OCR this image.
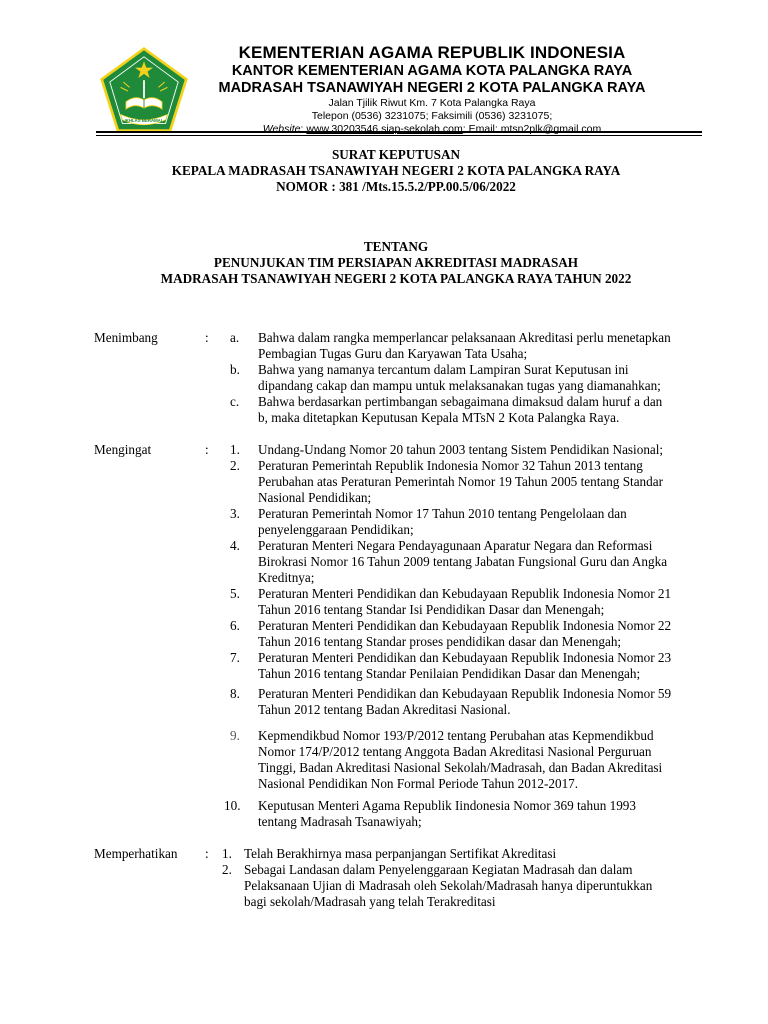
IKHLAS BERAMAL
KEMENTERIAN AGAMA REPUBLIK INDONESIA
KANTOR KEMENTERIAN AGAMA KOTA PALANGKA RAYA
MADRASAH TSANAWIYAH NEGERI 2 KOTA PALANGKA RAYA
Jalan Tjilik Riwut Km. 7 Kota Palangka Raya
Telepon (0536) 3231075; Faksimili (0536) 3231075;
Website: www.30203546.siap-sekolah.com; Email: mtsn2plk@gmail.com
SURAT KEPUTUSAN
KEPALA MADRASAH TSANAWIYAH NEGERI 2 KOTA PALANGKA RAYA
NOMOR : 381 /Mts.15.5.2/PP.00.5/06/2022
TENTANG
PENUNJUKAN TIM PERSIAPAN AKREDITASI MADRASAH
MADRASAH TSANAWIYAH NEGERI 2 KOTA PALANGKA RAYA TAHUN 2022
Menimbang	: a. Bahwa dalam rangka memperlancar pelaksanaan Akreditasi perlu menetapkan
Pembagian Tugas Guru dan Karyawan Tata Usaha;
b. Bahwa yang namanya tercantum dalam Lampiran Surat Keputusan ini
dipandang cakap dan mampu untuk melaksanakan tugas yang diamanahkan;
c. Bahwa berdasarkan pertimbangan sebagaimana dimaksud dalam huruf a dan
b, maka ditetapkan Keputusan Kepala MTsN 2 Kota Palangka Raya.
Mengingat	: 1. Undang-Undang Nomor 20 tahun 2003 tentang Sistem Pendidikan Nasional;
2. Peraturan Pemerintah Republik Indonesia Nomor 32 Tahun 2013 tentang
Perubahan atas Peraturan Pemerintah Nomor 19 Tahun 2005 tentang Standar
Nasional Pendidikan;
3. Peraturan Pemerintah Nomor 17 Tahun 2010 tentang Pengelolaan dan
penyelenggaraan Pendidikan;
4. Peraturan Menteri Negara Pendayagunaan Aparatur Negara dan Reformasi
Birokrasi Nomor 16 Tahun 2009 tentang Jabatan Fungsional Guru dan Angka
Kreditnya;
5. Peraturan Menteri Pendidikan dan Kebudayaan Republik Indonesia Nomor 21
Tahun 2016 tentang Standar Isi Pendidikan Dasar dan Menengah;
6. Peraturan Menteri Pendidikan dan Kebudayaan Republik Indonesia Nomor 22
Tahun 2016 tentang Standar proses pendidikan dasar dan Menengah;
7. Peraturan Menteri Pendidikan dan Kebudayaan Republik Indonesia Nomor 23
Tahun 2016 tentang Standar Penilaian Pendidikan Dasar dan Menengah;
8. Peraturan Menteri Pendidikan dan Kebudayaan Republik Indonesia Nomor 59
Tahun 2012 tentang Badan Akreditasi Nasional.
9. Kepmendikbud Nomor 193/P/2012 tentang Perubahan atas Kepmendikbud
Nomor 174/P/2012 tentang Anggota Badan Akreditasi Nasional Perguruan
Tinggi, Badan Akreditasi Nasional Sekolah/Madrasah, dan Badan Akreditasi
Nasional Pendidikan Non Formal Periode Tahun 2012-2017.
10. Keputusan Menteri Agama Republik Iindonesia Nomor 369 tahun 1993
tentang Madrasah Tsanawiyah;
Memperhatikan : 1. Telah Berakhirnya masa perpanjangan Sertifikat Akreditasi
2. Sebagai Landasan dalam Penyelenggaraan Kegiatan Madrasah dan dalam
Pelaksanaan Ujian di Madrasah oleh Sekolah/Madrasah hanya diperuntukkan
bagi sekolah/Madrasah yang telah Terakreditasi
